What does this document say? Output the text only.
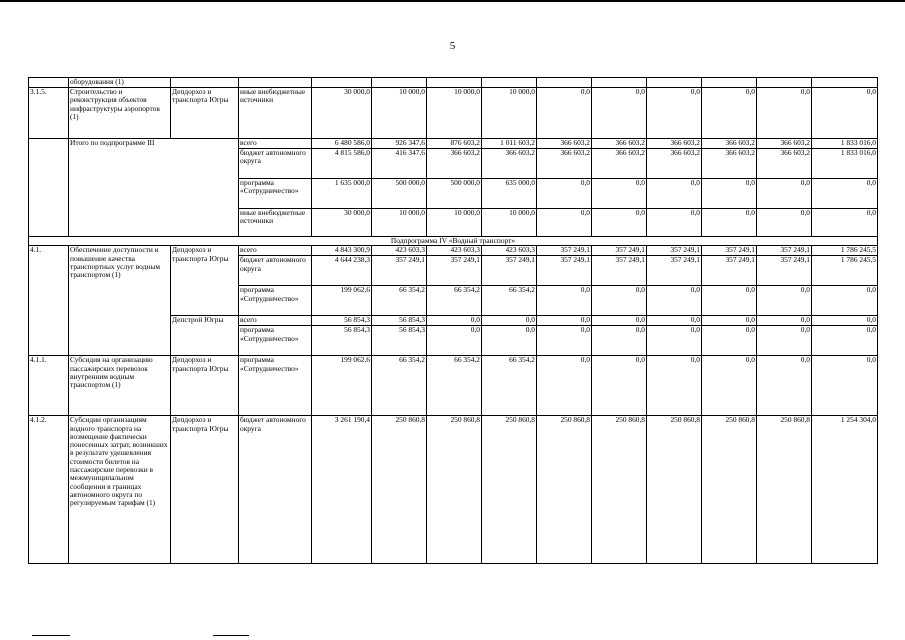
5
	оборудования (1)												
3.1.5.	Строительство и реконструкция объектов инфраструктуры аэропортов (1)	Депдорхоз и транспорта Югры	иные внебюджетные источники	30 000,0	10 000,0	10 000,0	10 000,0	0,0	0,0	0,0	0,0	0,0	0,0
	Итого по подпрограмме III		всего	6 480 586,0	926 347,6	876 603,2	1 011 603,2	366 603,2	366 603,2	366 603,2	366 603,2	366 603,2	1 833 016,0
			бюджет автономного округа	4 815 586,0	416 347,6	366 603,2	366 603,2	366 603,2	366 603,2	366 603,2	366 603,2	366 603,2	1 833 016,0
			программа «Сотрудничество»	1 635 000,0	500 000,0	500 000,0	635 000,0	0,0	0,0	0,0	0,0	0,0	0,0
			иные внебюджетные источники	30 000,0	10 000,0	10 000,0	10 000,0	0,0	0,0	0,0	0,0	0,0	0,0
Подпрограмма IV «Водный транспорт»													
4.1.	Обеспечение доступности и повышение качества транспортных услуг водным транспортом (1)	Депдорхоз и транспорта Югры	всего	4 843 300,9	423 603,3	423 603,3	423 603,3	357 249,1	357 249,1	357 249,1	357 249,1	357 249,1	1 786 245,5
			бюджет автономного округа	4 644 238,3	357 249,1	357 249,1	357 249,1	357 249,1	357 249,1	357 249,1	357 249,1	357 249,1	1 786 245,5
			программа «Сотрудничество»	199 062,6	66 354,2	66 354,2	66 354,2	0,0	0,0	0,0	0,0	0,0	0,0
		Депстрой Югры	всего	56 854,3	56 854,3	0,0	0,0	0,0	0,0	0,0	0,0	0,0	0,0
			программа «Сотрудничество»	56 854,3	56 854,3	0,0	0,0	0,0	0,0	0,0	0,0	0,0	0,0
4.1.1.	Субсидия на организацию пассажирских перевозок внутренним водным транспортом (1)	Депдорхоз и транспорта Югры	программа «Сотрудничество»	199 062,6	66 354,2	66 354,2	66 354,2	0,0	0,0	0,0	0,0	0,0	0,0
4.1.2.	Субсидии организациям водного транспорта на возмещение фактически понесенных затрат, возникших в результате удешевления стоимости билетов на пассажирские перевозки в межмуниципальном сообщении в границах автономного округа по регулируемым тарифам (1)	Депдорхоз и транспорта Югры	бюджет автономного округа	3 261 190,4	250 860,8	250 860,8	250 860,8	250 860,8	250 860,8	250 860,8	250 860,8	250 860,8	1 254 304,0
